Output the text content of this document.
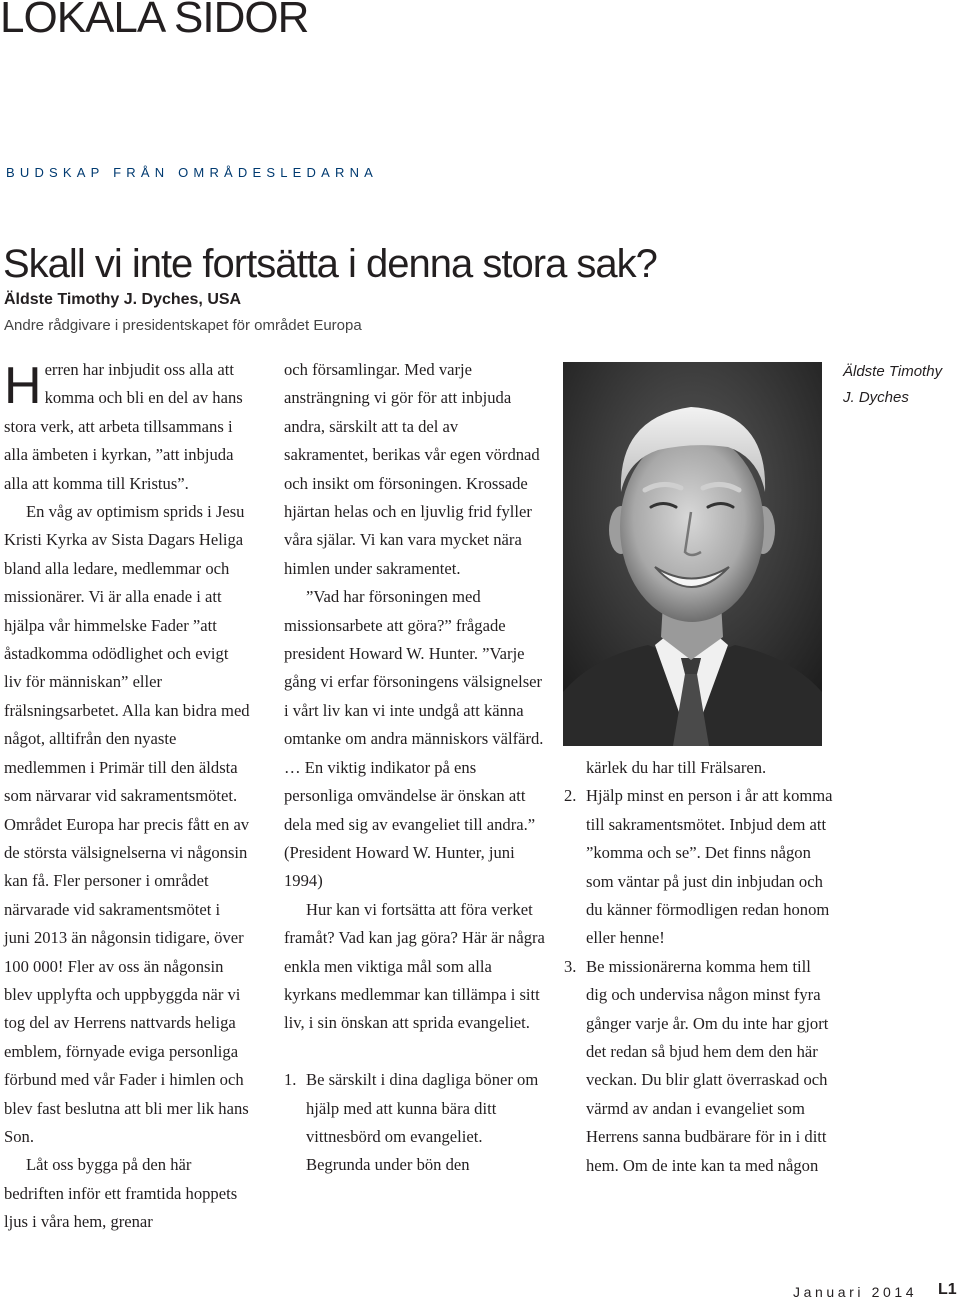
LOKALA SIDOR
BUDSKAP FRÅN OMRÅDESLEDARNA
Skall vi inte fortsätta i denna stora sak?
Äldste Timothy J. Dyches, USA
Andre rådgivare i presidentskapet för området Europa

Herren har inbjudit oss alla att komma och bli en del av hans stora verk, att arbeta tillsammans i alla ämbeten i kyrkan, ”att inbjuda alla att komma till Kristus”.

En våg av optimism sprids i Jesu Kristi Kyrka av Sista Dagars Heliga bland alla ledare, medlemmar och missionärer. Vi är alla enade i att hjälpa vår himmelske Fader ”att åstadkomma odödlighet och evigt liv för människan” eller frälsningsarbetet. Alla kan bidra med något, alltifrån den nyaste medlemmen i Primär till den äldsta som närvarar vid sakramentsmötet. Området Europa har precis fått en av de största välsignelserna vi någonsin kan få. Fler personer i området närvarade vid sakramentsmötet i juni 2013 än någonsin tidigare, över 100 000! Fler av oss än någonsin blev upplyfta och uppbyggda när vi tog del av Herrens nattvards heliga emblem, förnyade eviga personliga förbund med vår Fader i himlen och blev fast beslutna att bli mer lik hans Son.

Låt oss bygga på den här bedriften inför ett framtida hoppets ljus i våra hem, grenar

och församlingar. Med varje ansträngning vi gör för att inbjuda andra, särskilt att ta del av sakramentet, berikas vår egen vördnad och insikt om försoningen. Krossade hjärtan helas och en ljuvlig frid fyller våra själar. Vi kan vara mycket nära himlen under sakramentet.

”Vad har försoningen med missionsarbete att göra?” frågade president Howard W. Hunter. ”Varje gång vi erfar försoningens välsignelser i vårt liv kan vi inte undgå att känna omtanke om andra människors välfärd. … En viktig indikator på ens personliga omvändelse är önskan att dela med sig av evangeliet till andra.” (President Howard W. Hunter, juni 1994)

Hur kan vi fortsätta att föra verket framåt? Vad kan jag göra? Här är några enkla men viktiga mål som alla kyrkans medlemmar kan tillämpa i sitt liv, i sin önskan att sprida evangeliet.

1. Be särskilt i dina dagliga böner om hjälp med att kunna bära ditt vittnesbörd om evangeliet. Begrunda under bön den
Äldste Timothy J. Dyches
kärlek du har till Frälsaren.
2. Hjälp minst en person i år att komma till sakramentsmötet. Inbjud dem att ”komma och se”. Det finns någon som väntar på just din inbjudan och du känner förmodligen redan honom eller henne!
3. Be missionärerna komma hem till dig och undervisa någon minst fyra gånger varje år. Om du inte har gjort det redan så bjud hem dem den här veckan. Du blir glatt överraskad och värmd av andan i evangeliet som Herrens sanna budbärare för in i ditt hem. Om de inte kan ta med någon
Januari 2014 L1
